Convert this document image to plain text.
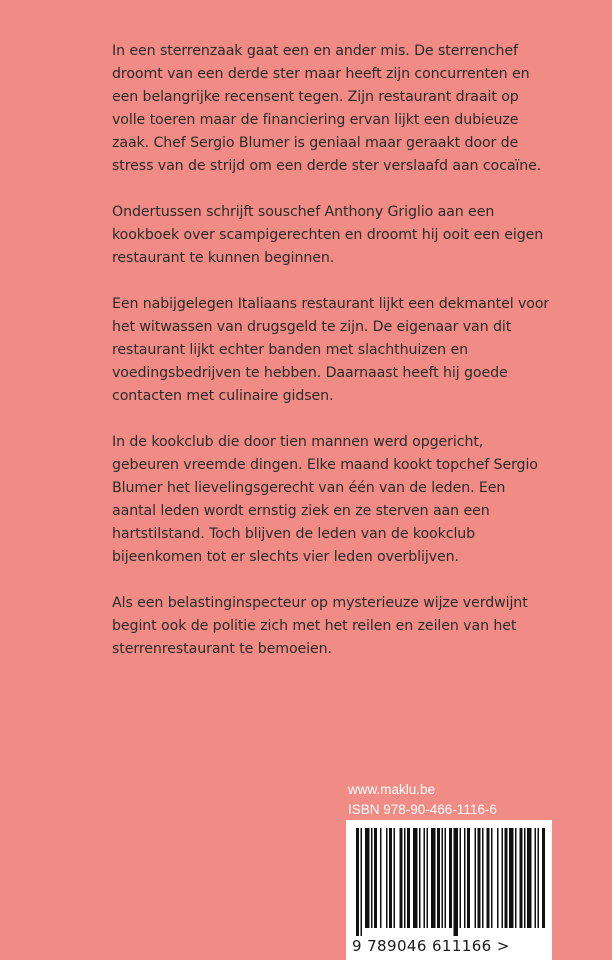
In een sterrenzaak gaat een en ander mis. De sterrenchef droomt van een derde ster maar heeft zijn concurrenten en een belangrijke recensent tegen. Zijn restaurant draait op volle toeren maar de financiering ervan lijkt een dubieuze zaak. Chef Sergio Blumer is geniaal maar geraakt door de stress van de strijd om een derde ster verslaafd aan cocaïne.

Ondertussen schrijft souschef Anthony Griglio aan een kookboek over scampigerechten en droomt hij ooit een eigen restaurant te kunnen beginnen.

Een nabijgelegen Italiaans restaurant lijkt een dekmantel voor het witwassen van drugsgeld te zijn. De eigenaar van dit restaurant lijkt echter banden met slachthuizen en voedingsbedrijven te hebben. Daarnaast heeft hij goede contacten met culinaire gidsen.

In de kookclub die door tien mannen werd opgericht, gebeuren vreemde dingen. Elke maand kookt topchef Sergio Blumer het lievelingsgerecht van één van de leden. Een aantal leden wordt ernstig ziek en ze sterven aan een hartstilstand. Toch blijven de leden van de kookclub bijeenkomen tot er slechts vier leden overblijven.

Als een belastinginspecteur op mysterieuze wijze verdwijnt begint ook de politie zich met het reilen en zeilen van het sterrenrestaurant te bemoeien.

www.maklu.be
ISBN 978-90-466-1116-6
9 789046 611166 >
